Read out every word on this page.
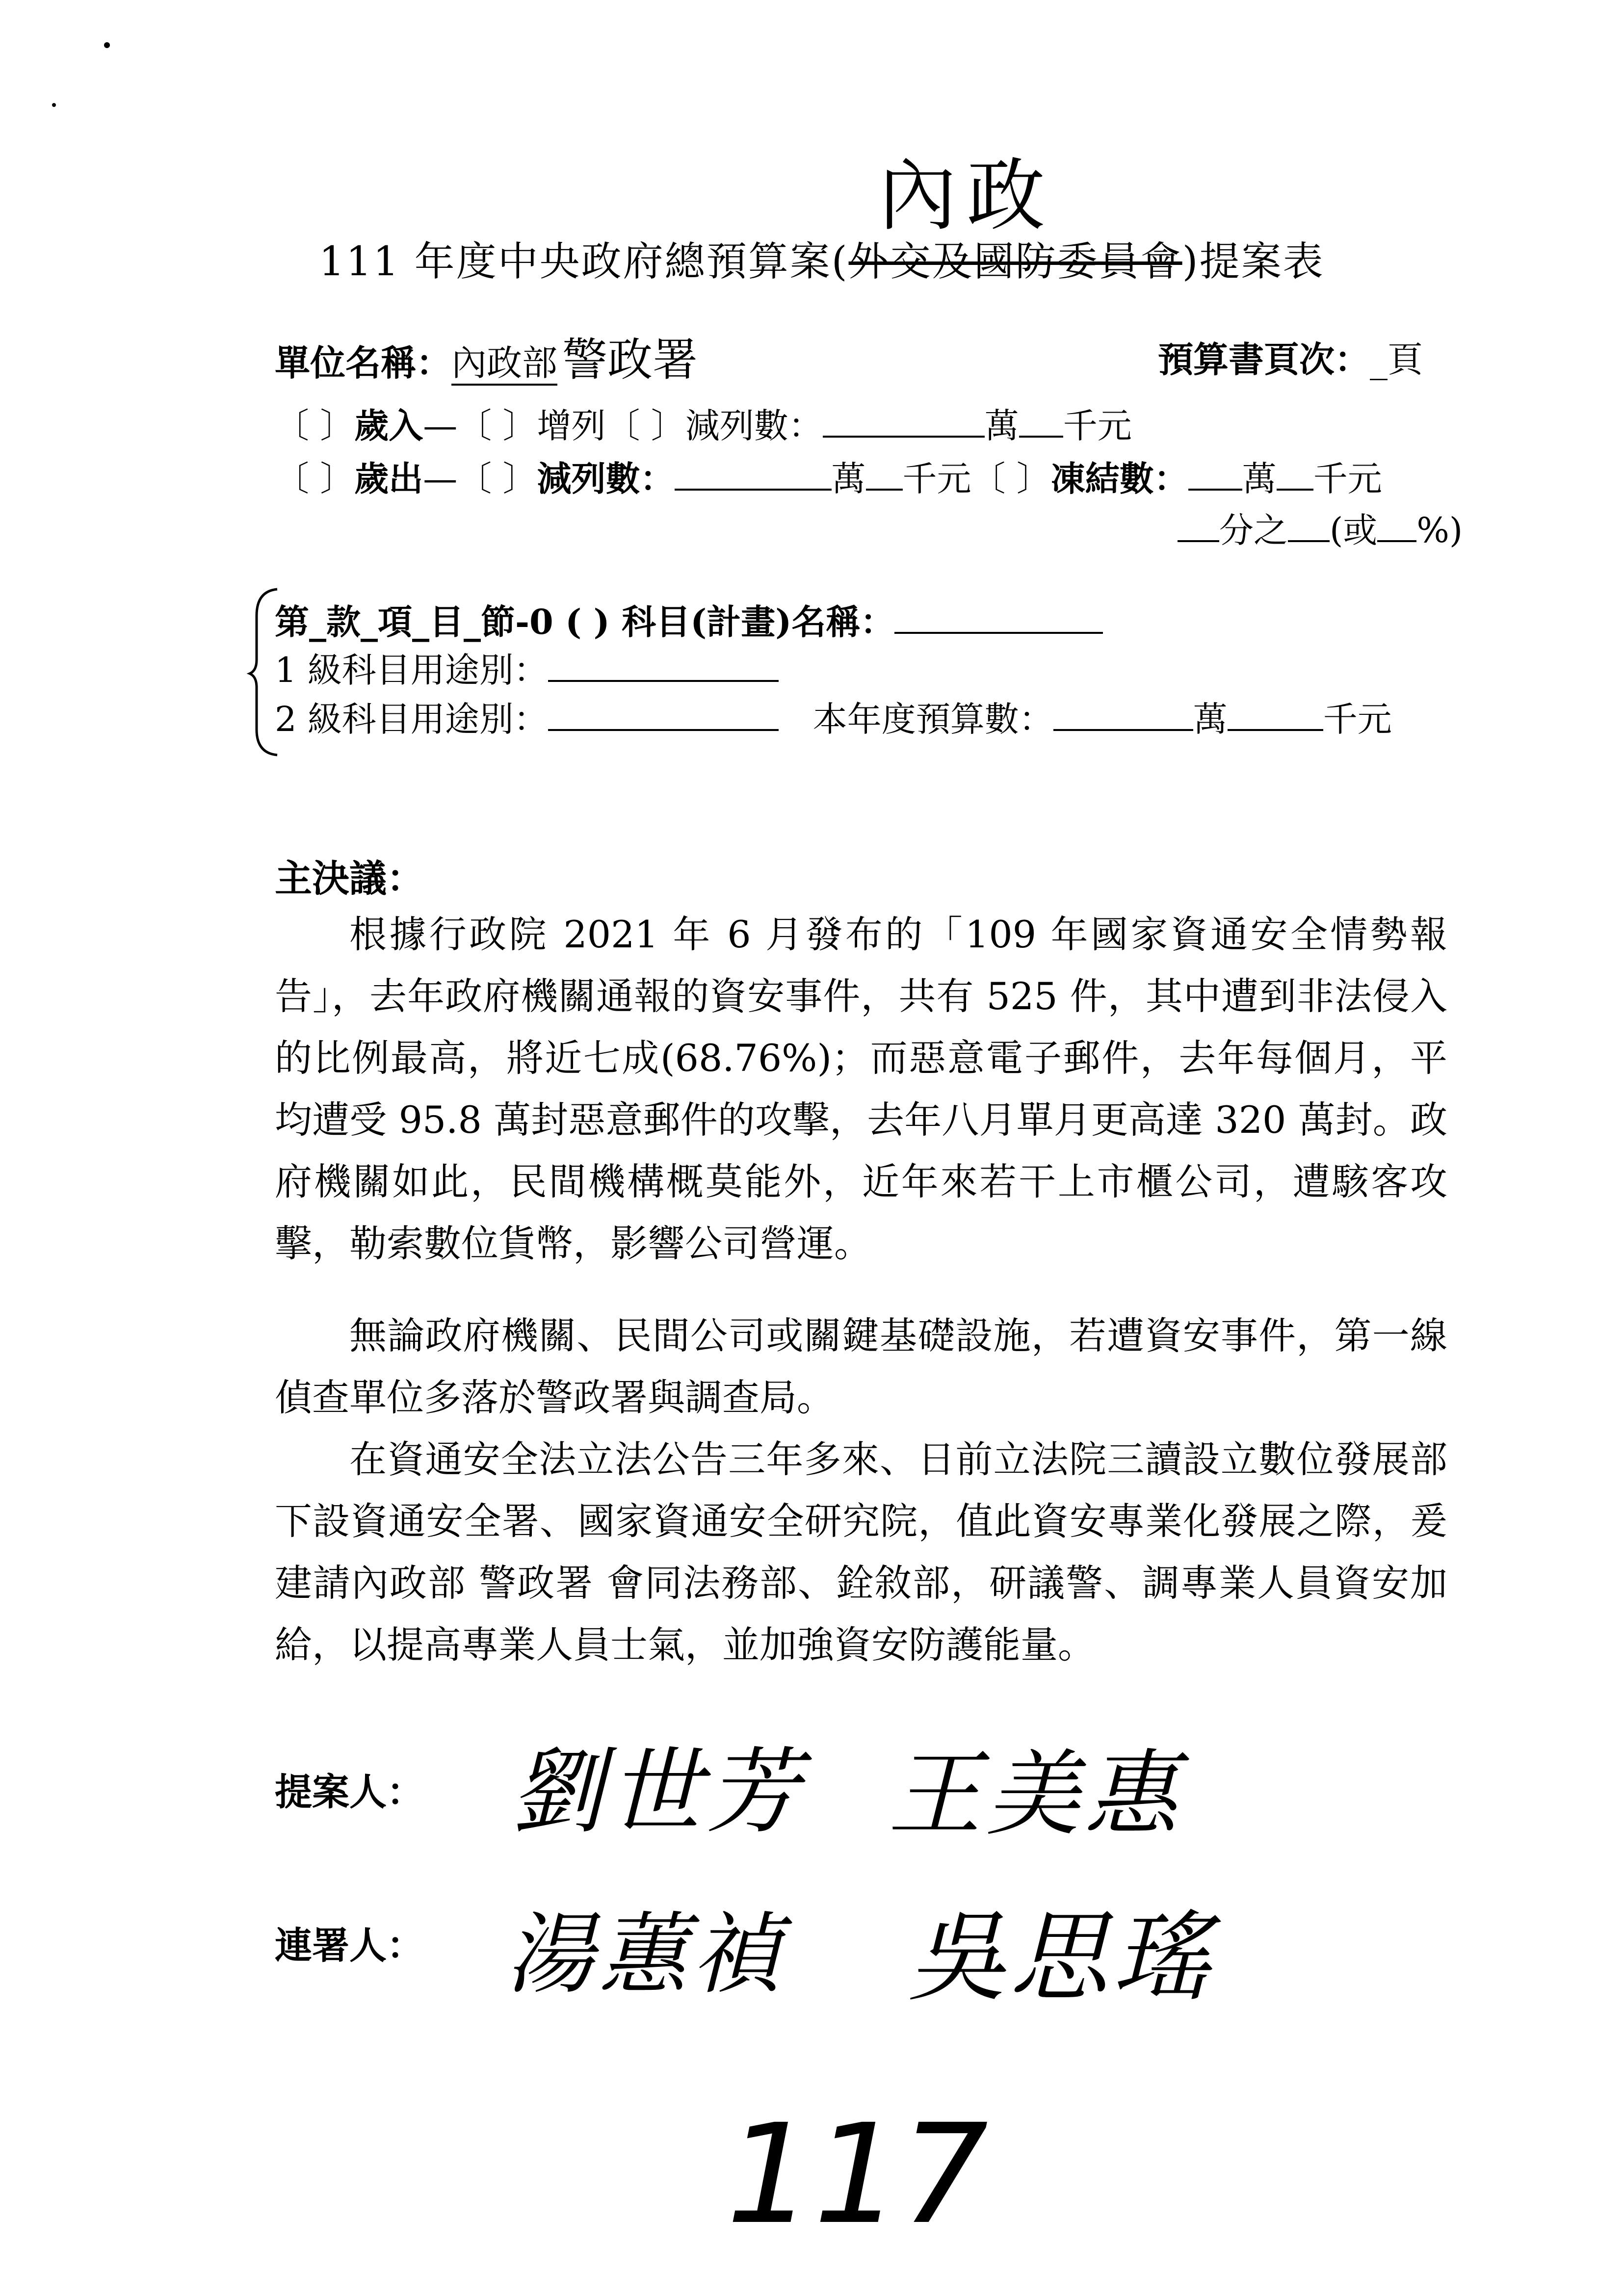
內政
111 年度中央政府總預算案(外交及國防委員會)提案表
單位名稱：內政部 警政署	預算書頁次：_頁
〔 〕歲入—〔 〕增列〔 〕減列數：	萬 千元
〔 〕歲出—〔 〕減列數：	萬 千元〔 〕凍結數： 萬 千元
分之 (或 %)
第_款_項_目_節-0 ( ) 科目(計畫)名稱：
1 級科目用途別：
2 級科目用途別：	本年度預算數：	萬	千元
主決議：
根據行政院 2021 年 6 月發布的「109 年國家資通安全情勢報告」，去年政府機關通報的資安事件，共有 525 件，其中遭到非法侵入的比例最高，將近七成(68.76%)；而惡意電子郵件，去年每個月，平均遭受 95.8 萬封惡意郵件的攻擊，去年八月單月更高達 320 萬封。政府機關如此，民間機構概莫能外，近年來若干上市櫃公司，遭駭客攻擊，勒索數位貨幣，影響公司營運。
無論政府機關、民間公司或關鍵基礎設施，若遭資安事件，第一線偵查單位多落於警政署與調查局。
在資通安全法立法公告三年多來、日前立法院三讀設立數位發展部下設資通安全署、國家資通安全研究院，值此資安專業化發展之際，爰建請內政部 警政署 會同法務部、銓敘部，研議警、調專業人員資安加給，以提高專業人員士氣，並加強資安防護能量。
提案人： 劉世芳 王美惠
連署人： 湯蕙禎 吳思瑤
117
